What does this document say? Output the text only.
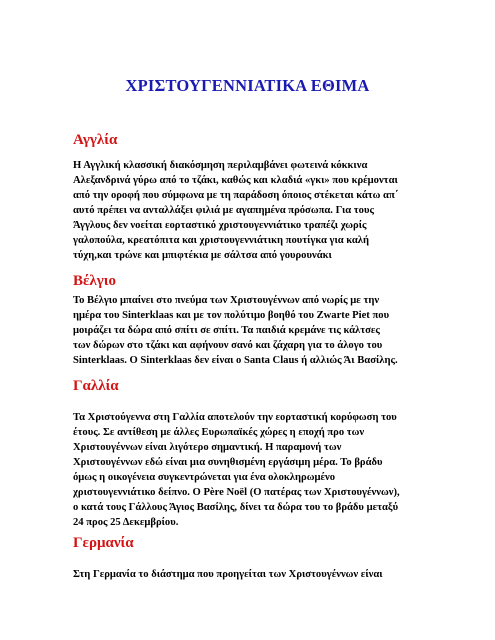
ΧΡΙΣΤΟΥΓΕΝΝΙΑΤΙΚΑ ΕΘΙΜΑ
Αγγλία
Η Αγγλική κλασσική διακόσμηση περιλαμβάνει φωτεινά κόκκινα
Αλεξανδρινά γύρω από το τζάκι, καθώς και κλαδιά «γκι» που κρέμονται
από την οροφή που σύμφωνα με τη παράδοση όποιος στέκεται κάτω απ΄
αυτό πρέπει να ανταλλάξει φιλιά με αγαπημένα πρόσωπα. Για τους
Άγγλους δεν νοείται εορταστικό χριστουγεννιάτικο τραπέζι χωρίς
γαλοπούλα, κρεατόπιτα και χριστουγεννιάτικη πουτίγκα για καλή
τύχη,και τρώνε και μπιφτέκια με σάλτσα από γουρουνάκι
Βέλγιο
Το Βέλγιο μπαίνει στο πνεύμα των Χριστουγέννων από νωρίς με την
ημέρα του Sinterklaas και με τον πολύτιμο βοηθό του Zwarte Piet που
μοιράζει τα δώρα από σπίτι σε σπίτι. Τα παιδιά κρεμάνε τις κάλτσες
των δώρων στο τζάκι και αφήνουν σανό και ζάχαρη για το άλογο του
Sinterklaas. O Sinterklaas δεν είναι ο Santa Claus ή αλλιώς Άι Βασίλης.
Γαλλία
Τα Χριστούγεννα στη Γαλλία αποτελούν την εορταστική κορύφωση του
έτους. Σε αντίθεση με άλλες Ευρωπαϊκές χώρες η εποχή προ των
Χριστουγέννων είναι λιγότερο σημαντική. Η παραμονή των
Χριστουγέννων εδώ είναι μια συνηθισμένη εργάσιμη μέρα. Το βράδυ
όμως η οικογένεια συγκεντρώνεται για ένα ολοκληρωμένο
χριστουγεννιάτικο δείπνο. Ο Père Noël (Ο πατέρας των Χριστουγέννων),
ο κατά τους Γάλλους Άγιος Βασίλης, δίνει τα δώρα του το βράδυ μεταξύ
24 προς 25 Δεκεμβρίου.
Γερμανία
Στη Γερμανία το διάστημα που προηγείται των Χριστουγέννων είναι
